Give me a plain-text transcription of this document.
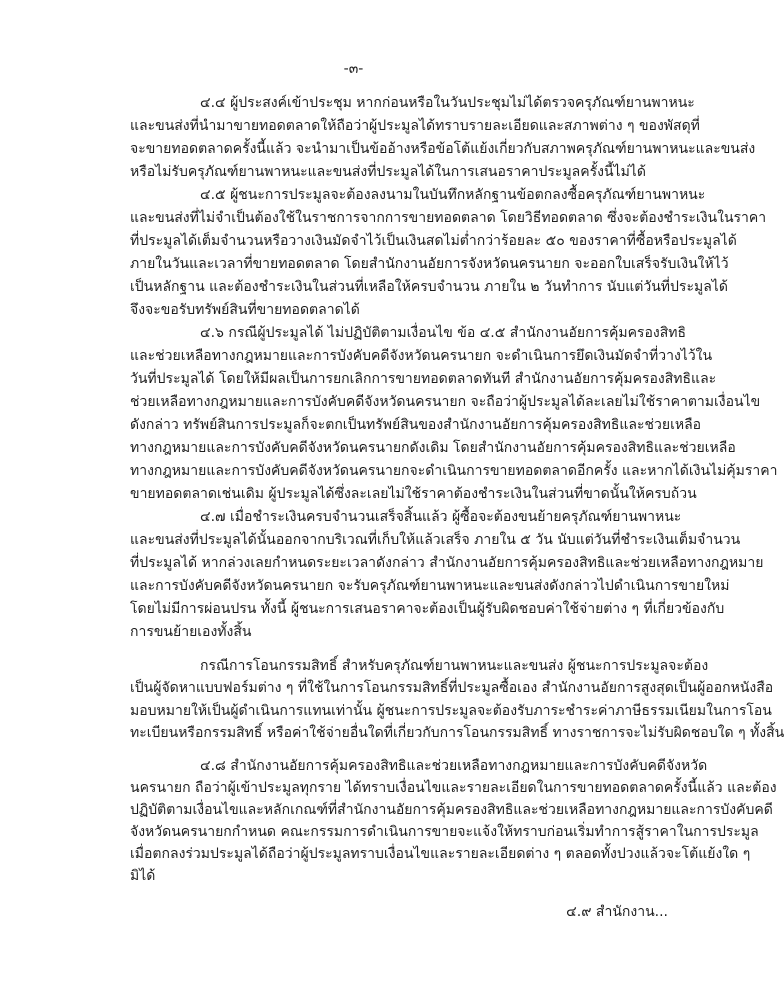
-๓-
๔.๔ ผู้ประสงค์เข้าประชุม หากก่อนหรือในวันประชุมไม่ได้ตรวจครุภัณฑ์ยานพาหนะ
และขนส่งที่นำมาขายทอดตลาดให้ถือว่าผู้ประมูลได้ทราบรายละเอียดและสภาพต่าง ๆ ของพัสดุที่
จะขายทอดตลาดครั้งนี้แล้ว จะนำมาเป็นข้ออ้างหรือข้อโต้แย้งเกี่ยวกับสภาพครุภัณฑ์ยานพาหนะและขนส่ง
หรือไม่รับครุภัณฑ์ยานพาหนะและขนส่งที่ประมูลได้ในการเสนอราคาประมูลครั้งนี้ไม่ได้
๔.๕ ผู้ชนะการประมูลจะต้องลงนามในบันทึกหลักฐานข้อตกลงซื้อครุภัณฑ์ยานพาหนะ
และขนส่งที่ไม่จำเป็นต้องใช้ในราชการจากการขายทอดตลาด โดยวิธีทอดตลาด ซึ่งจะต้องชำระเงินในราคา
ที่ประมูลได้เต็มจำนวนหรือวางเงินมัดจำไว้เป็นเงินสดไม่ต่ำกว่าร้อยละ ๕๐ ของราคาที่ซื้อหรือประมูลได้
ภายในวันและเวลาที่ขายทอดตลาด โดยสำนักงานอัยการจังหวัดนครนายก จะออกใบเสร็จรับเงินให้ไว้
เป็นหลักฐาน และต้องชำระเงินในส่วนที่เหลือให้ครบจำนวน ภายใน ๒ วันทำการ นับแต่วันที่ประมูลได้
จึงจะขอรับทรัพย์สินที่ขายทอดตลาดได้
๔.๖ กรณีผู้ประมูลได้ ไม่ปฏิบัติตามเงื่อนไข ข้อ ๔.๕ สำนักงานอัยการคุ้มครองสิทธิ
และช่วยเหลือทางกฎหมายและการบังคับคดีจังหวัดนครนายก จะดำเนินการยึดเงินมัดจำที่วางไว้ใน
วันที่ประมูลได้ โดยให้มีผลเป็นการยกเลิกการขายทอดตลาดทันที สำนักงานอัยการคุ้มครองสิทธิและ
ช่วยเหลือทางกฎหมายและการบังคับคดีจังหวัดนครนายก จะถือว่าผู้ประมูลได้ละเลยไม่ใช้ราคาตามเงื่อนไข
ดังกล่าว ทรัพย์สินการประมูลก็จะตกเป็นทรัพย์สินของสำนักงานอัยการคุ้มครองสิทธิและช่วยเหลือ
ทางกฎหมายและการบังคับคดีจังหวัดนครนายกดังเดิม โดยสำนักงานอัยการคุ้มครองสิทธิและช่วยเหลือ
ทางกฎหมายและการบังคับคดีจังหวัดนครนายกจะดำเนินการขายทอดตลาดอีกครั้ง และหากได้เงินไม่คุ้มราคา
ขายทอดตลาดเช่นเดิม ผู้ประมูลได้ซึ่งละเลยไม่ใช้ราคาต้องชำระเงินในส่วนที่ขาดนั้นให้ครบถ้วน
๔.๗ เมื่อชำระเงินครบจำนวนเสร็จสิ้นแล้ว ผู้ซื้อจะต้องขนย้ายครุภัณฑ์ยานพาหนะ
และขนส่งที่ประมูลได้นั้นออกจากบริเวณที่เก็บให้แล้วเสร็จ ภายใน ๕ วัน นับแต่วันที่ชำระเงินเต็มจำนวน
ที่ประมูลได้ หากล่วงเลยกำหนดระยะเวลาดังกล่าว สำนักงานอัยการคุ้มครองสิทธิและช่วยเหลือทางกฎหมาย
และการบังคับคดีจังหวัดนครนายก จะรับครุภัณฑ์ยานพาหนะและขนส่งดังกล่าวไปดำเนินการขายใหม่
โดยไม่มีการผ่อนปรน ทั้งนี้ ผู้ชนะการเสนอราคาจะต้องเป็นผู้รับผิดชอบค่าใช้จ่ายต่าง ๆ ที่เกี่ยวข้องกับ
การขนย้ายเองทั้งสิ้น
กรณีการโอนกรรมสิทธิ์ สำหรับครุภัณฑ์ยานพาหนะและขนส่ง ผู้ชนะการประมูลจะต้อง
เป็นผู้จัดหาแบบฟอร์มต่าง ๆ ที่ใช้ในการโอนกรรมสิทธิ์ที่ประมูลซื้อเอง สำนักงานอัยการสูงสุดเป็นผู้ออกหนังสือ
มอบหมายให้เป็นผู้ดำเนินการแทนเท่านั้น ผู้ชนะการประมูลจะต้องรับภาระชำระค่าภาษีธรรมเนียมในการโอน
ทะเบียนหรือกรรมสิทธิ์ หรือค่าใช้จ่ายอื่นใดที่เกี่ยวกับการโอนกรรมสิทธิ์ ทางราชการจะไม่รับผิดชอบใด ๆ ทั้งสิ้น
๔.๘ สำนักงานอัยการคุ้มครองสิทธิและช่วยเหลือทางกฎหมายและการบังคับคดีจังหวัด
นครนายก ถือว่าผู้เข้าประมูลทุกราย ได้ทราบเงื่อนไขและรายละเอียดในการขายทอดตลาดครั้งนี้แล้ว และต้อง
ปฏิบัติตามเงื่อนไขและหลักเกณฑ์ที่สำนักงานอัยการคุ้มครองสิทธิและช่วยเหลือทางกฎหมายและการบังคับคดี
จังหวัดนครนายกกำหนด คณะกรรมการดำเนินการขายจะแจ้งให้ทราบก่อนเริ่มทำการสู้ราคาในการประมูล
เมื่อตกลงร่วมประมูลได้ถือว่าผู้ประมูลทราบเงื่อนไขและรายละเอียดต่าง ๆ ตลอดทั้งปวงแล้วจะโต้แย้งใด ๆ
มิได้
๔.๙ สำนักงาน...
